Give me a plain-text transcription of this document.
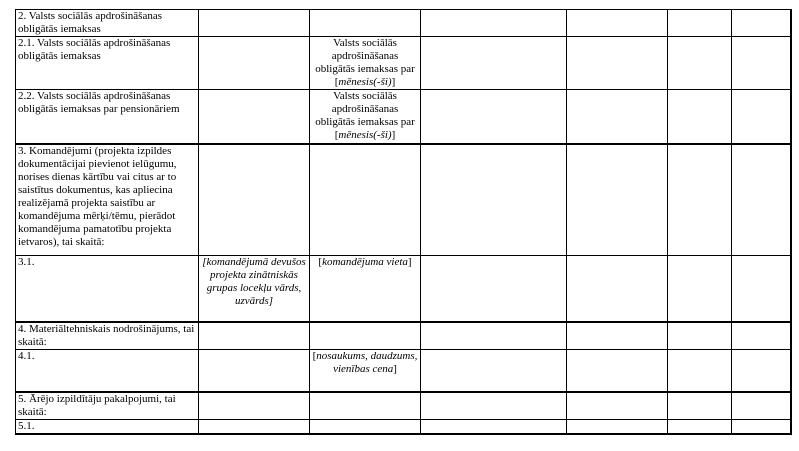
2. Valsts sociālās apdrošināšanas obligātās iemaksas						
2.1. Valsts sociālās apdrošināšanas obligātās iemaksas		Valsts sociālās apdrošināšanas obligātās iemaksas par [mēnesis(-ši)]				
2.2. Valsts sociālās apdrošināšanas obligātās iemaksas par pensionāriem		Valsts sociālās apdrošināšanas obligātās iemaksas par [mēnesis(-ši)]				
3. Komandējumi (projekta izpildes dokumentācijai pievienot ielūgumu, norises dienas kārtību vai citus ar to saistītus dokumentus, kas apliecina realizējamā projekta saistību ar komandējuma mērķi/tēmu, pierādot komandējuma pamatotību projekta ietvaros), tai skaitā:						
3.1.	[komandējumā devušos projekta zinātniskās grupas locekļu vārds, uzvārds]	[komandējuma vieta]				
4. Materiāltehniskais nodrošinājums, tai skaitā:						
4.1.		[nosaukums, daudzums, vienības cena]				
5. Ārējo izpildītāju pakalpojumi, tai skaitā:						
5.1.						
